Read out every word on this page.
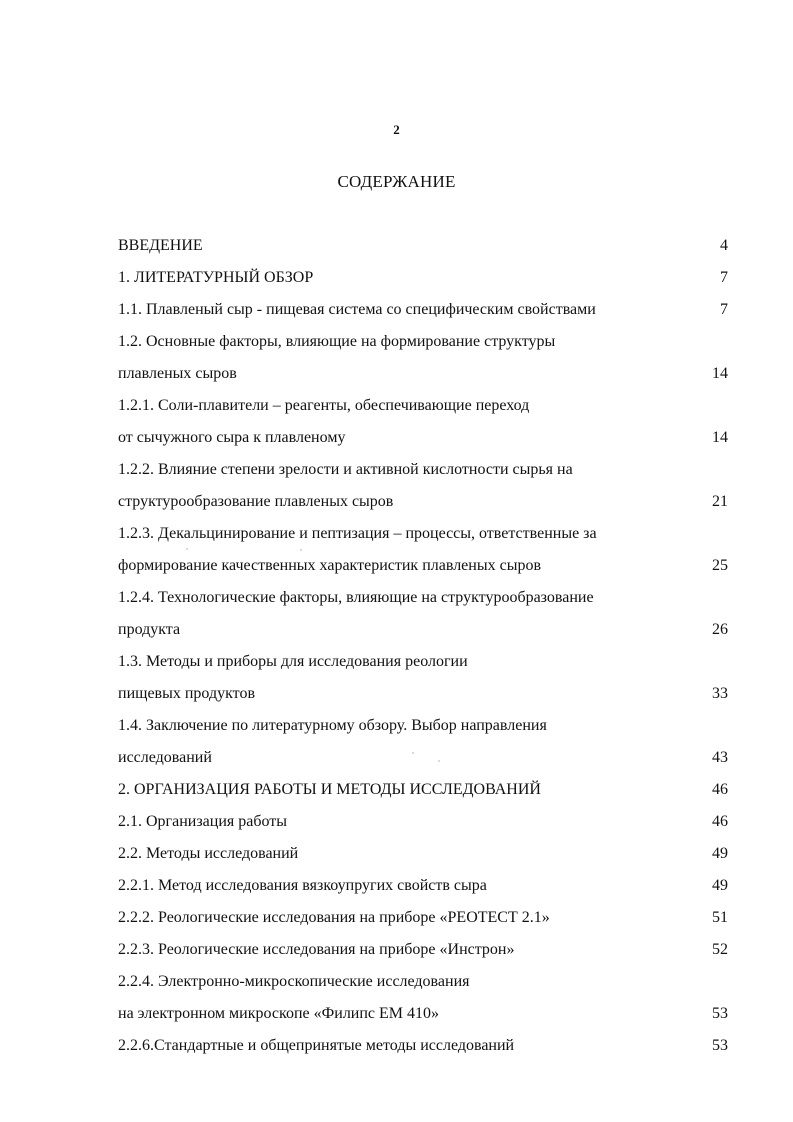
2
СОДЕРЖАНИЕ
ВВЕДЕНИЕ	4
1. ЛИТЕРАТУРНЫЙ ОБЗОР	7
1.1. Плавленый сыр - пищевая система со специфическим свойствами	7
1.2. Основные факторы, влияющие на формирование структуры
плавленых сыров	14
1.2.1. Соли-плавители – реагенты, обеспечивающие переход
от сычужного сыра к плавленому	14
1.2.2. Влияние степени зрелости и активной кислотности сырья на
структурообразование плавленых сыров	21
1.2.3. Декальцинирование и пептизация – процессы, ответственные за
формирование качественных характеристик плавленых сыров	25
1.2.4. Технологические факторы, влияющие на структурообразование
продукта	26
1.3. Методы и приборы для исследования реологии
пищевых продуктов	33
1.4. Заключение по литературному обзору. Выбор направления
исследований	43
2. ОРГАНИЗАЦИЯ РАБОТЫ И МЕТОДЫ ИССЛЕДОВАНИЙ	46
2.1. Организация работы	46
2.2. Методы исследований	49
2.2.1. Метод исследования вязкоупругих свойств сыра	49
2.2.2. Реологические исследования на приборе «РЕОТЕСТ 2.1»	51
2.2.3. Реологические исследования на приборе «Инстрон»	52
2.2.4. Электронно-микроскопические исследования
на электронном микроскопе «Филипс ЕМ 410»	53
2.2.6.Стандартные и общепринятые методы исследований	53
